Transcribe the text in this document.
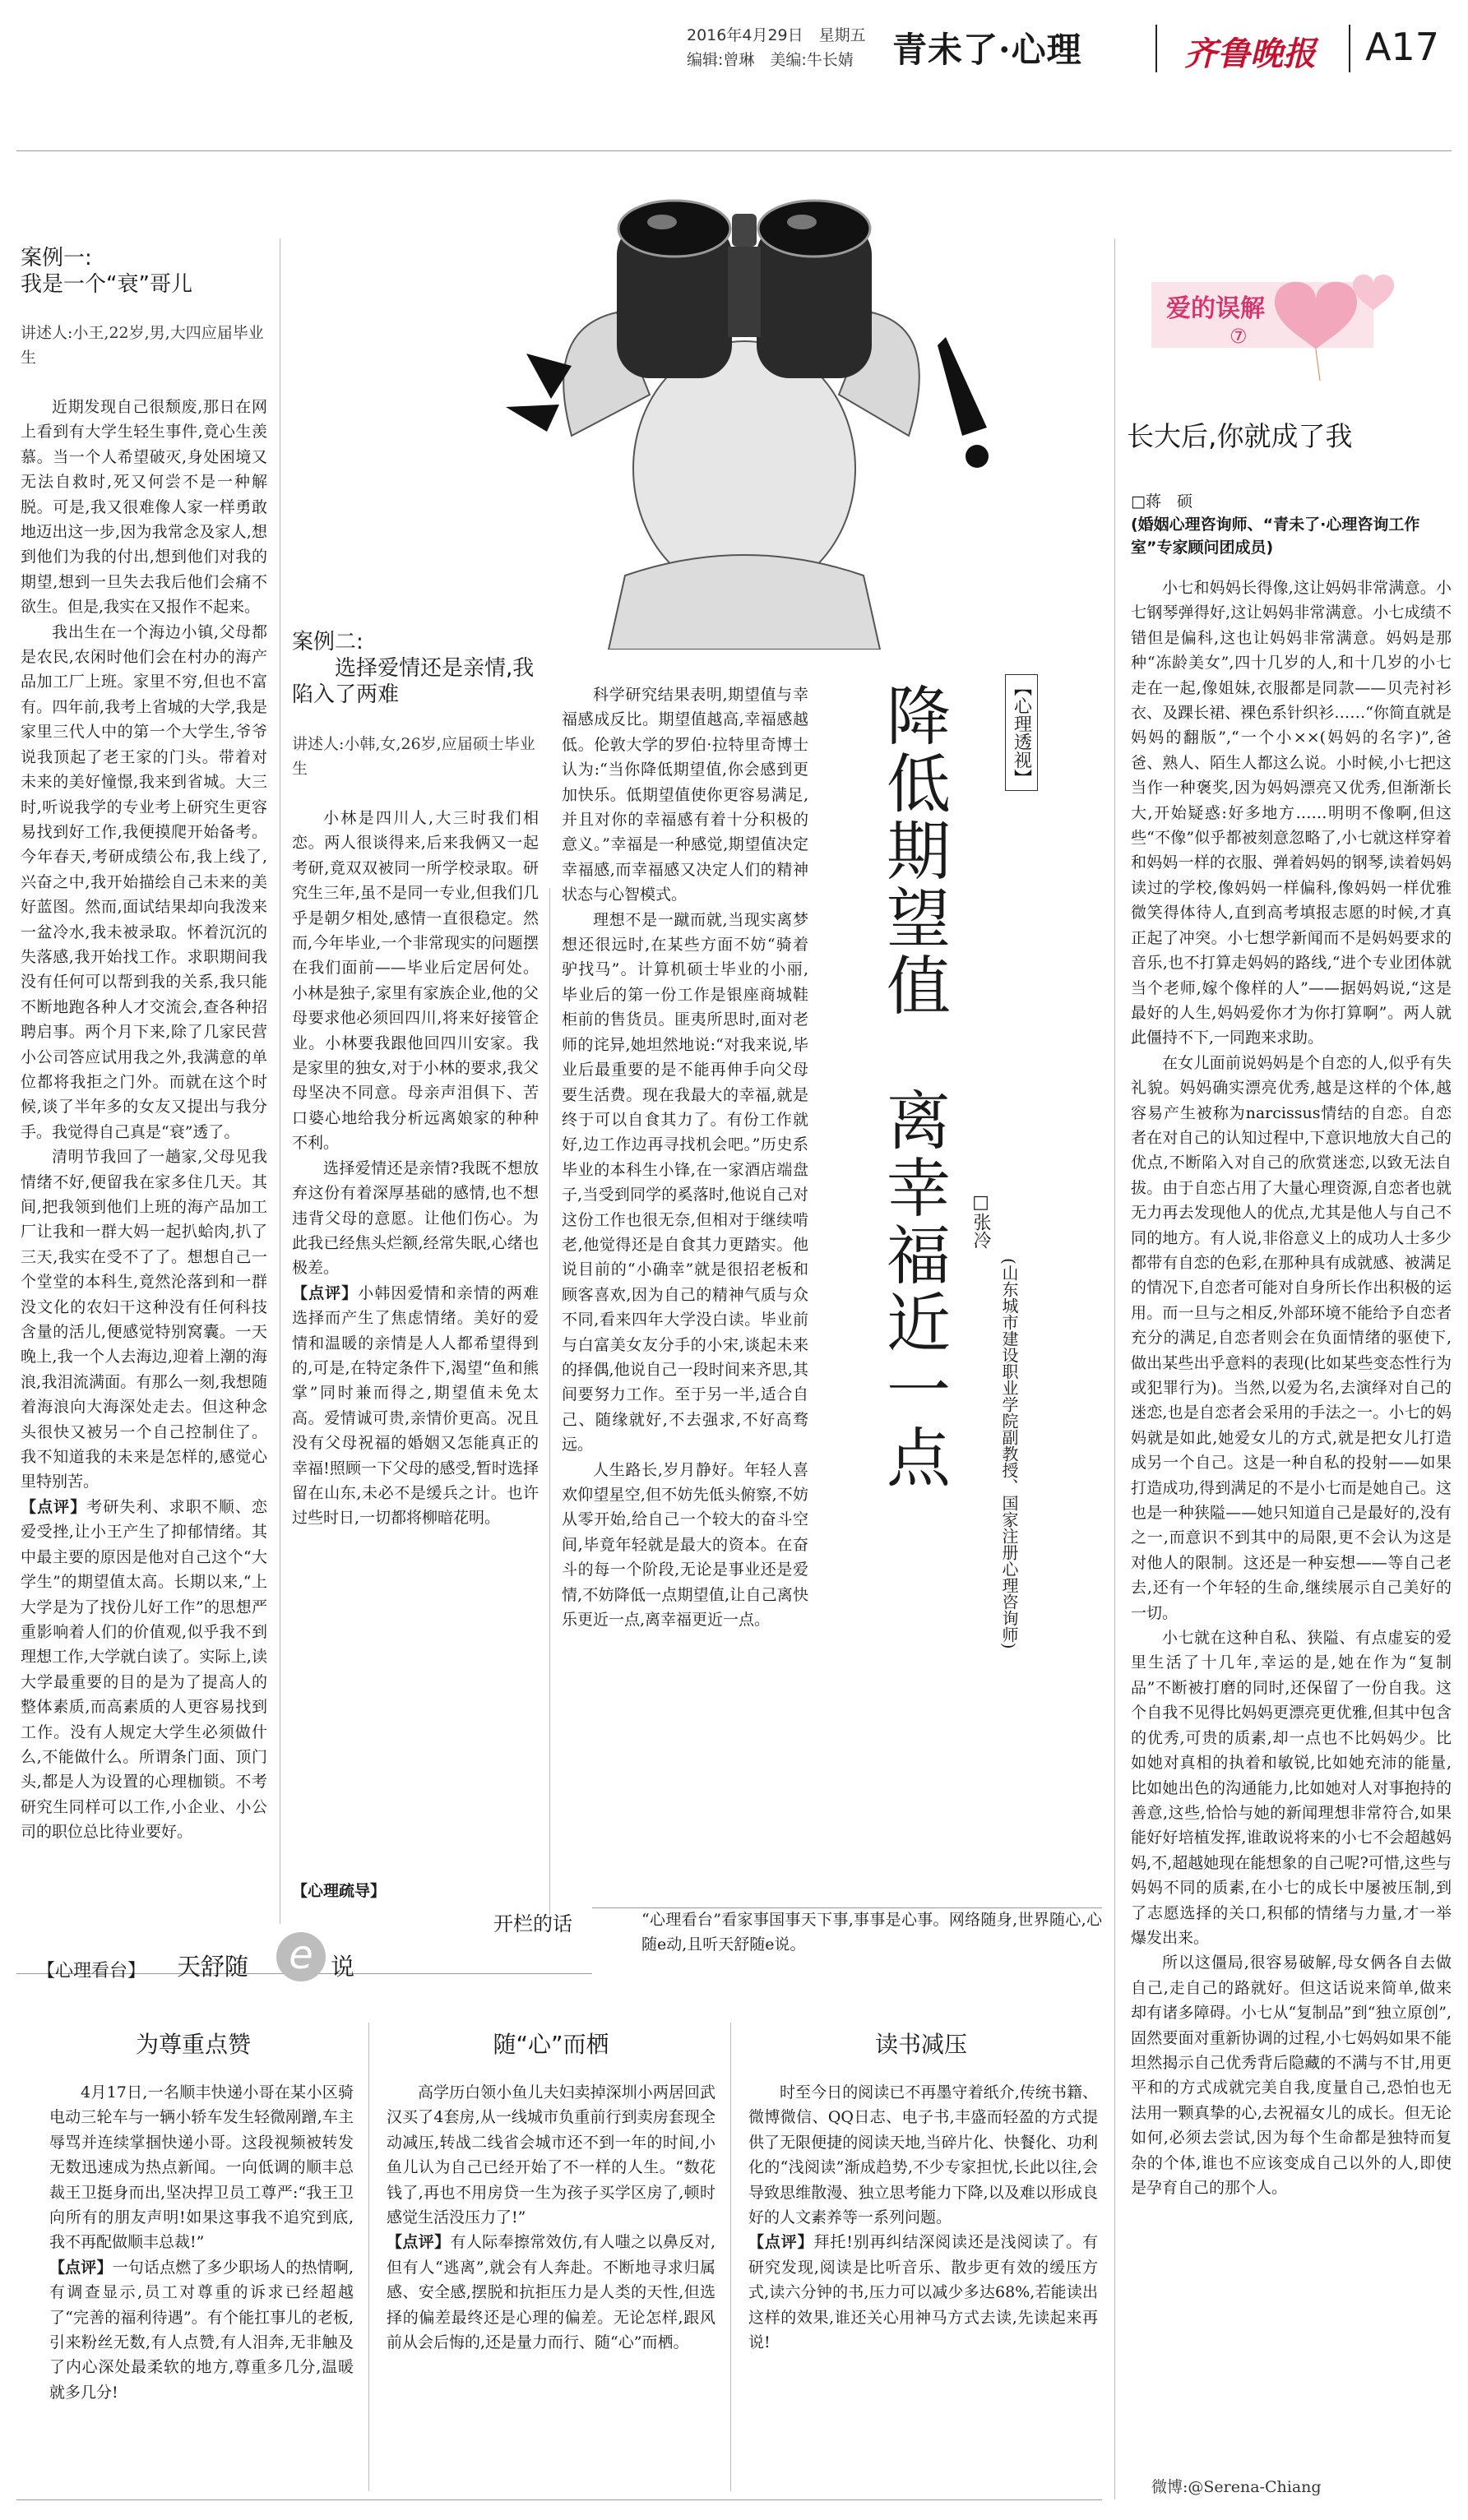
2016年4月29日　星期五
编辑:曾琳　美编:牛长婧 青未了·心理	齐鲁晚报 A17
案例一:
我是一个“衰”哥儿
讲述人:小王,22岁,男,大四应届毕业生

近期发现自己很颓废,那日在网上看到有大学生轻生事件,竟心生羡慕。当一个人希望破灭,身处困境又无法自救时,死又何尝不是一种解脱。可是,我又很难像人家一样勇敢地迈出这一步,因为我常念及家人,想到他们为我的付出,想到他们对我的期望,想到一旦失去我后他们会痛不欲生。但是,我实在又报作不起来。

我出生在一个海边小镇,父母都是农民,农闲时他们会在村办的海产品加工厂上班。家里不穷,但也不富有。四年前,我考上省城的大学,我是家里三代人中的第一个大学生,爷爷说我顶起了老王家的门头。带着对未来的美好憧憬,我来到省城。大三时,听说我学的专业考上研究生更容易找到好工作,我便摸爬开始备考。今年春天,考研成绩公布,我上线了,兴奋之中,我开始描绘自己未来的美好蓝图。然而,面试结果却向我泼来一盆冷水,我未被录取。怀着沉沉的失落感,我开始找工作。求职期间我没有任何可以帮到我的关系,我只能不断地跑各种人才交流会,查各种招聘启事。两个月下来,除了几家民营小公司答应试用我之外,我满意的单位都将我拒之门外。而就在这个时候,谈了半年多的女友又提出与我分手。我觉得自己真是“衰”透了。

清明节我回了一趟家,父母见我情绪不好,便留我在家多住几天。其间,把我领到他们上班的海产品加工厂让我和一群大妈一起扒蛤肉,扒了三天,我实在受不了了。想想自己一个堂堂的本科生,竟然沦落到和一群没文化的农妇干这种没有任何科技含量的活儿,便感觉特别窝囊。一天晚上,我一个人去海边,迎着上潮的海浪,我泪流满面。有那么一刻,我想随着海浪向大海深处走去。但这种念头很快又被另一个自己控制住了。我不知道我的未来是怎样的,感觉心里特别苦。

【点评】考研失利、求职不顺、恋爱受挫,让小王产生了抑郁情绪。其中最主要的原因是他对自己这个“大学生”的期望值太高。长期以来,“上大学是为了找份儿好工作”的思想严重影响着人们的价值观,似乎我不到理想工作,大学就白读了。实际上,读大学最重要的目的是为了提高人的整体素质,而高素质的人更容易找到工作。没有人规定大学生必须做什么,不能做什么。所谓条门面、顶门头,都是人为设置的心理枷锁。不考研究生同样可以工作,小企业、小公司的职位总比待业要好。

案例二:
选择爱情还是亲情,我陷入了两难
讲述人:小韩,女,26岁,应届硕士毕业生

小林是四川人,大三时我们相恋。两人很谈得来,后来我俩又一起考研,竟双双被同一所学校录取。研究生三年,虽不是同一专业,但我们几乎是朝夕相处,感情一直很稳定。然而,今年毕业,一个非常现实的问题摆在我们面前——毕业后定居何处。小林是独子,家里有家族企业,他的父母要求他必须回四川,将来好接管企业。小林要我跟他回四川安家。我是家里的独女,对于小林的要求,我父母坚决不同意。母亲声泪俱下、苦口婆心地给我分析远离娘家的种种不利。

选择爱情还是亲情?我既不想放弃这份有着深厚基础的感情,也不想违背父母的意愿。让他们伤心。为此我已经焦头烂额,经常失眠,心绪也极差。

【点评】小韩因爱情和亲情的两难选择而产生了焦虑情绪。美好的爱情和温暖的亲情是人人都希望得到的,可是,在特定条件下,渴望“鱼和熊掌”同时兼而得之,期望值未免太高。爱情诚可贵,亲情价更高。况且没有父母祝福的婚姻又怎能真正的幸福!照顾一下父母的感受,暂时选择留在山东,未必不是缓兵之计。也许过些时日,一切都将柳暗花明。

【心理疏导】

科学研究结果表明,期望值与幸福感成反比。期望值越高,幸福感越低。伦敦大学的罗伯·拉特里奇博士认为:“当你降低期望值,你会感到更加快乐。低期望值使你更容易满足,并且对你的幸福感有着十分积极的意义。”幸福是一种感觉,期望值决定幸福感,而幸福感又决定人们的精神状态与心智模式。

理想不是一蹴而就,当现实离梦想还很远时,在某些方面不妨“骑着驴找马”。计算机硕士毕业的小丽,毕业后的第一份工作是银座商城鞋柜前的售货员。匪夷所思时,面对老师的诧异,她坦然地说:“对我来说,毕业后最重要的是不能再伸手向父母要生活费。现在我最大的幸福,就是终于可以自食其力了。有份工作就好,边工作边再寻找机会吧。”历史系毕业的本科生小锋,在一家酒店端盘子,当受到同学的奚落时,他说自己对这份工作也很无奈,但相对于继续啃老,他觉得还是自食其力更踏实。他说目前的“小确幸”就是很招老板和顾客喜欢,因为自己的精神气质与众不同,看来四年大学没白读。毕业前与白富美女友分手的小宋,谈起未来的择偶,他说自己一段时间来齐思,其间要努力工作。至于另一半,适合自己、随缘就好,不去强求,不好高骛远。

人生路长,岁月静好。年轻人喜欢仰望星空,但不妨先低头俯察,不妨从零开始,给自己一个较大的奋斗空间,毕竟年轻就是最大的资本。在奋斗的每一个阶段,无论是事业还是爱情,不妨降低一点期望值,让自己离快乐更近一点,离幸福更近一点。

【心理透视】
降低期望值　离幸福近一点 □张冷
(山东城市建设职业学院副教授、国家注册心理咨询师)
爱的误解
⑦
长大后,你就成了我
□蒋　硕
(婚姻心理咨询师、“青未了·心理咨询工作室”专家顾问团成员)

小七和妈妈长得像,这让妈妈非常满意。小七钢琴弹得好,这让妈妈非常满意。小七成绩不错但是偏科,这也让妈妈非常满意。妈妈是那种“冻龄美女”,四十几岁的人,和十几岁的小七走在一起,像姐妹,衣服都是同款——贝壳衬衫衣、及踝长裙、裸色系针织衫……“你简直就是妈妈的翻版”,“一个小××(妈妈的名字)”,爸爸、熟人、陌生人都这么说。小时候,小七把这当作一种褒奖,因为妈妈漂亮又优秀,但渐渐长大,开始疑惑:好多地方……明明不像啊,但这些“不像”似乎都被刻意忽略了,小七就这样穿着和妈妈一样的衣服、弹着妈妈的钢琴,读着妈妈读过的学校,像妈妈一样偏科,像妈妈一样优雅微笑得体待人,直到高考填报志愿的时候,才真正起了冲突。小七想学新闻而不是妈妈要求的音乐,也不打算走妈妈的路线,“进个专业团体就当个老师,嫁个像样的人”——据妈妈说,“这是最好的人生,妈妈爱你才为你打算啊”。两人就此僵持不下,一同跑来求助。

在女儿面前说妈妈是个自恋的人,似乎有失礼貌。妈妈确实漂亮优秀,越是这样的个体,越容易产生被称为narcissus情结的自恋。自恋者在对自己的认知过程中,下意识地放大自己的优点,不断陷入对自己的欣赏迷恋,以致无法自拔。由于自恋占用了大量心理资源,自恋者也就无力再去发现他人的优点,尤其是他人与自己不同的地方。有人说,非俗意义上的成功人士多少都带有自恋的色彩,在那种具有成就感、被满足的情况下,自恋者可能对自身所长作出积极的运用。而一旦与之相反,外部环境不能给予自恋者充分的满足,自恋者则会在负面情绪的驱使下,做出某些出乎意料的表现(比如某些变态性行为或犯罪行为)。当然,以爱为名,去演绎对自己的迷恋,也是自恋者会采用的手法之一。小七的妈妈就是如此,她爱女儿的方式,就是把女儿打造成另一个自己。这是一种自私的投射——如果打造成功,得到满足的不是小七而是她自己。这也是一种狭隘——她只知道自己是最好的,没有之一,而意识不到其中的局限,更不会认为这是对他人的限制。这还是一种妄想——等自己老去,还有一个年轻的生命,继续展示自己美好的一切。

小七就在这种自私、狭隘、有点虚妄的爱里生活了十几年,幸运的是,她在作为“复制品”不断被打磨的同时,还保留了一份自我。这个自我不见得比妈妈更漂亮更优雅,但其中包含的优秀,可贵的质素,却一点也不比妈妈少。比如她对真相的执着和敏锐,比如她充沛的能量,比如她出色的沟通能力,比如她对人对事抱持的善意,这些,恰恰与她的新闻理想非常符合,如果能好好培植发挥,谁敢说将来的小七不会超越妈妈,不,超越她现在能想象的自己呢?可惜,这些与妈妈不同的质素,在小七的成长中屡被压制,到了志愿选择的关口,积郁的情绪与力量,才一举爆发出来。

所以这僵局,很容易破解,母女俩各自去做自己,走自己的路就好。但这话说来简单,做来却有诸多障碍。小七从“复制品”到“独立原创”,固然要面对重新协调的过程,小七妈妈如果不能坦然揭示自己优秀背后隐藏的不满与不甘,用更平和的方式成就完美自我,度量自己,恐怕也无法用一颗真挚的心,去祝福女儿的成长。但无论如何,必须去尝试,因为每个生命都是独特而复杂的个体,谁也不应该变成自己以外的人,即使是孕育自己的那个人。

微博:@Serena-Chiang
【心理看台】 天舒随	e 说
开栏的话	“心理看台”看家事国事天下事,事事是心事。网络随身,世界随心,心随e动,且听天舒随e说。

为尊重点赞

4月17日,一名顺丰快递小哥在某小区骑电动三轮车与一辆小轿车发生轻微剐蹭,车主辱骂并连续掌掴快递小哥。这段视频被转发无数迅速成为热点新闻。一向低调的顺丰总裁王卫挺身而出,坚决捍卫员工尊严:“我王卫向所有的朋友声明!如果这事我不追究到底,我不再配做顺丰总裁!”

【点评】一句话点燃了多少职场人的热情啊,有调查显示,员工对尊重的诉求已经超越了“完善的福利待遇”。有个能扛事儿的老板,引来粉丝无数,有人点赞,有人泪奔,无非触及了内心深处最柔软的地方,尊重多几分,温暖就多几分!

随“心”而栖

高学历白领小鱼儿夫妇卖掉深圳小两居回武汉买了4套房,从一线城市负重前行到卖房套现全动减压,转战二线省会城市还不到一年的时间,小鱼儿认为自己已经开始了不一样的人生。“数花钱了,再也不用房贷一生为孩子买学区房了,顿时感觉生活没压力了!”

【点评】有人际奉擦常效仿,有人嗤之以鼻反对,但有人“逃离”,就会有人奔赴。不断地寻求归属感、安全感,摆脱和抗拒压力是人类的天性,但选择的偏差最终还是心理的偏差。无论怎样,跟风前从会后悔的,还是量力而行、随“心”而栖。

读书减压

时至今日的阅读已不再墨守着纸介,传统书籍、微博微信、QQ日志、电子书,丰盛而轻盈的方式提供了无限便捷的阅读天地,当碎片化、快餐化、功利化的“浅阅读”渐成趋势,不少专家担忧,长此以往,会导致思维散漫、独立思考能力下降,以及难以形成良好的人文素养等一系列问题。

【点评】拜托!别再纠结深阅读还是浅阅读了。有研究发现,阅读是比听音乐、散步更有效的缓压方式,读六分钟的书,压力可以减少多达68%,若能读出这样的效果,谁还关心用神马方式去读,先读起来再说!
